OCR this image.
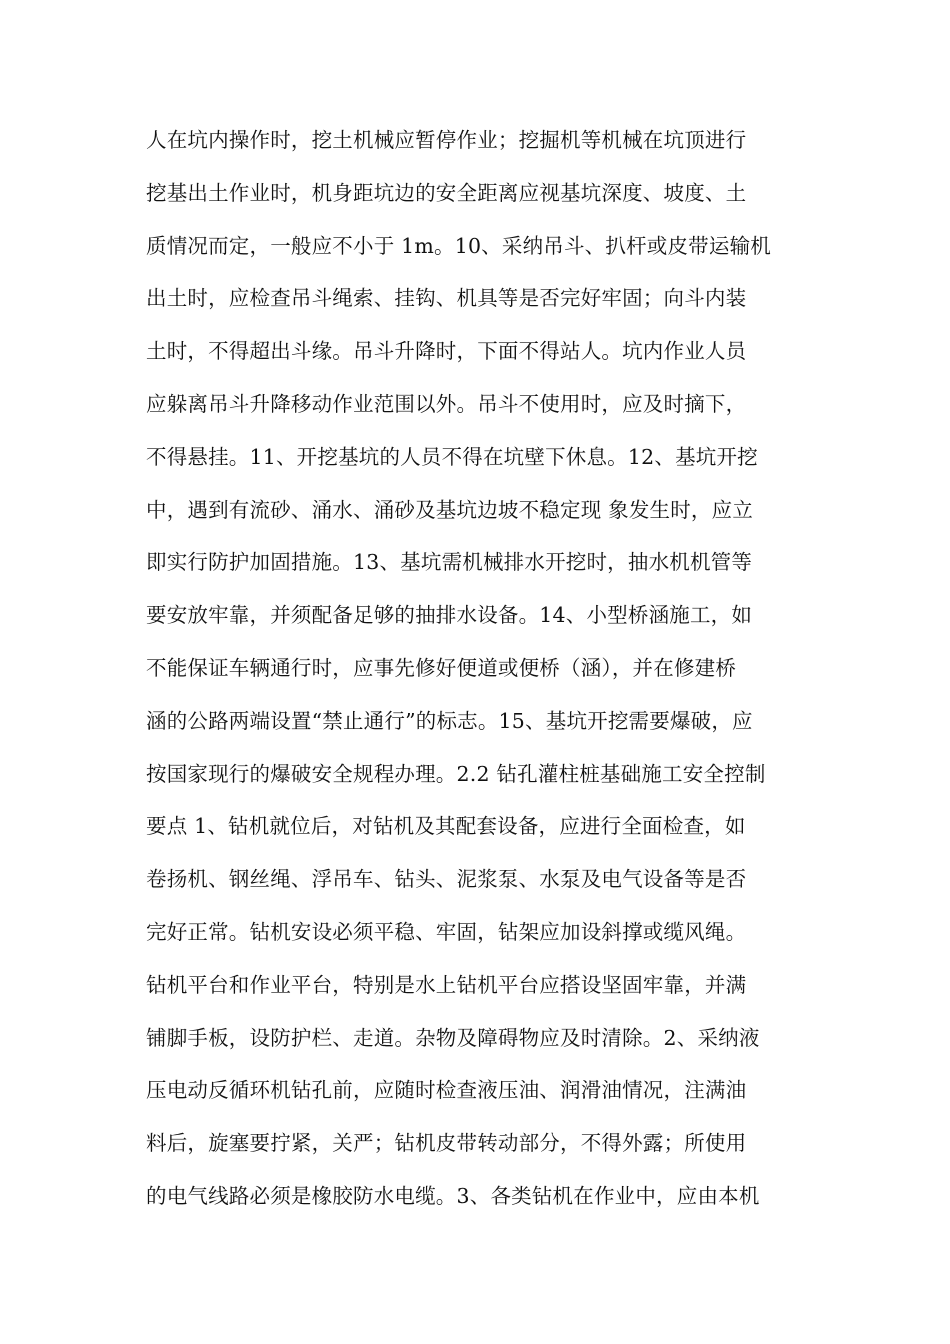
人在坑内操作时，挖土机械应暂停作业；挖掘机等机械在坑顶进行
挖基出土作业时，机身距坑边的安全距离应视基坑深度、坡度、土
质情况而定，一般应不小于 1m。10、采纳吊斗、扒杆或皮带运输机
出土时，应检查吊斗绳索、挂钩、机具等是否完好牢固；向斗内装
土时，不得超出斗缘。吊斗升降时，下面不得站人。坑内作业人员
应躲离吊斗升降移动作业范围以外。吊斗不使用时，应及时摘下，
不得悬挂。11、开挖基坑的人员不得在坑壁下休息。12、基坑开挖
中，遇到有流砂、涌水、涌砂及基坑边坡不稳定现 象发生时，应立
即实行防护加固措施。13、基坑需机械排水开挖时，抽水机机管等
要安放牢靠，并须配备足够的抽排水设备。14、小型桥涵施工，如
不能保证车辆通行时，应事先修好便道或便桥（涵），并在修建桥
涵的公路两端设置“禁止通行”的标志。15、基坑开挖需要爆破，应
按国家现行的爆破安全规程办理。2.2 钻孔灌柱桩基础施工安全控制
要点 1、钻机就位后，对钻机及其配套设备，应进行全面检查，如
卷扬机、钢丝绳、浮吊车、钻头、泥浆泵、水泵及电气设备等是否
完好正常。钻机安设必须平稳、牢固，钻架应加设斜撑或缆风绳。
钻机平台和作业平台，特别是水上钻机平台应搭设坚固牢靠，并满
铺脚手板，设防护栏、走道。杂物及障碍物应及时清除。2、采纳液
压电动反循环机钻孔前，应随时检查液压油、润滑油情况，注满油
料后，旋塞要拧紧，关严；钻机皮带转动部分，不得外露；所使用
的电气线路必须是橡胶防水电缆。3、各类钻机在作业中，应由本机
